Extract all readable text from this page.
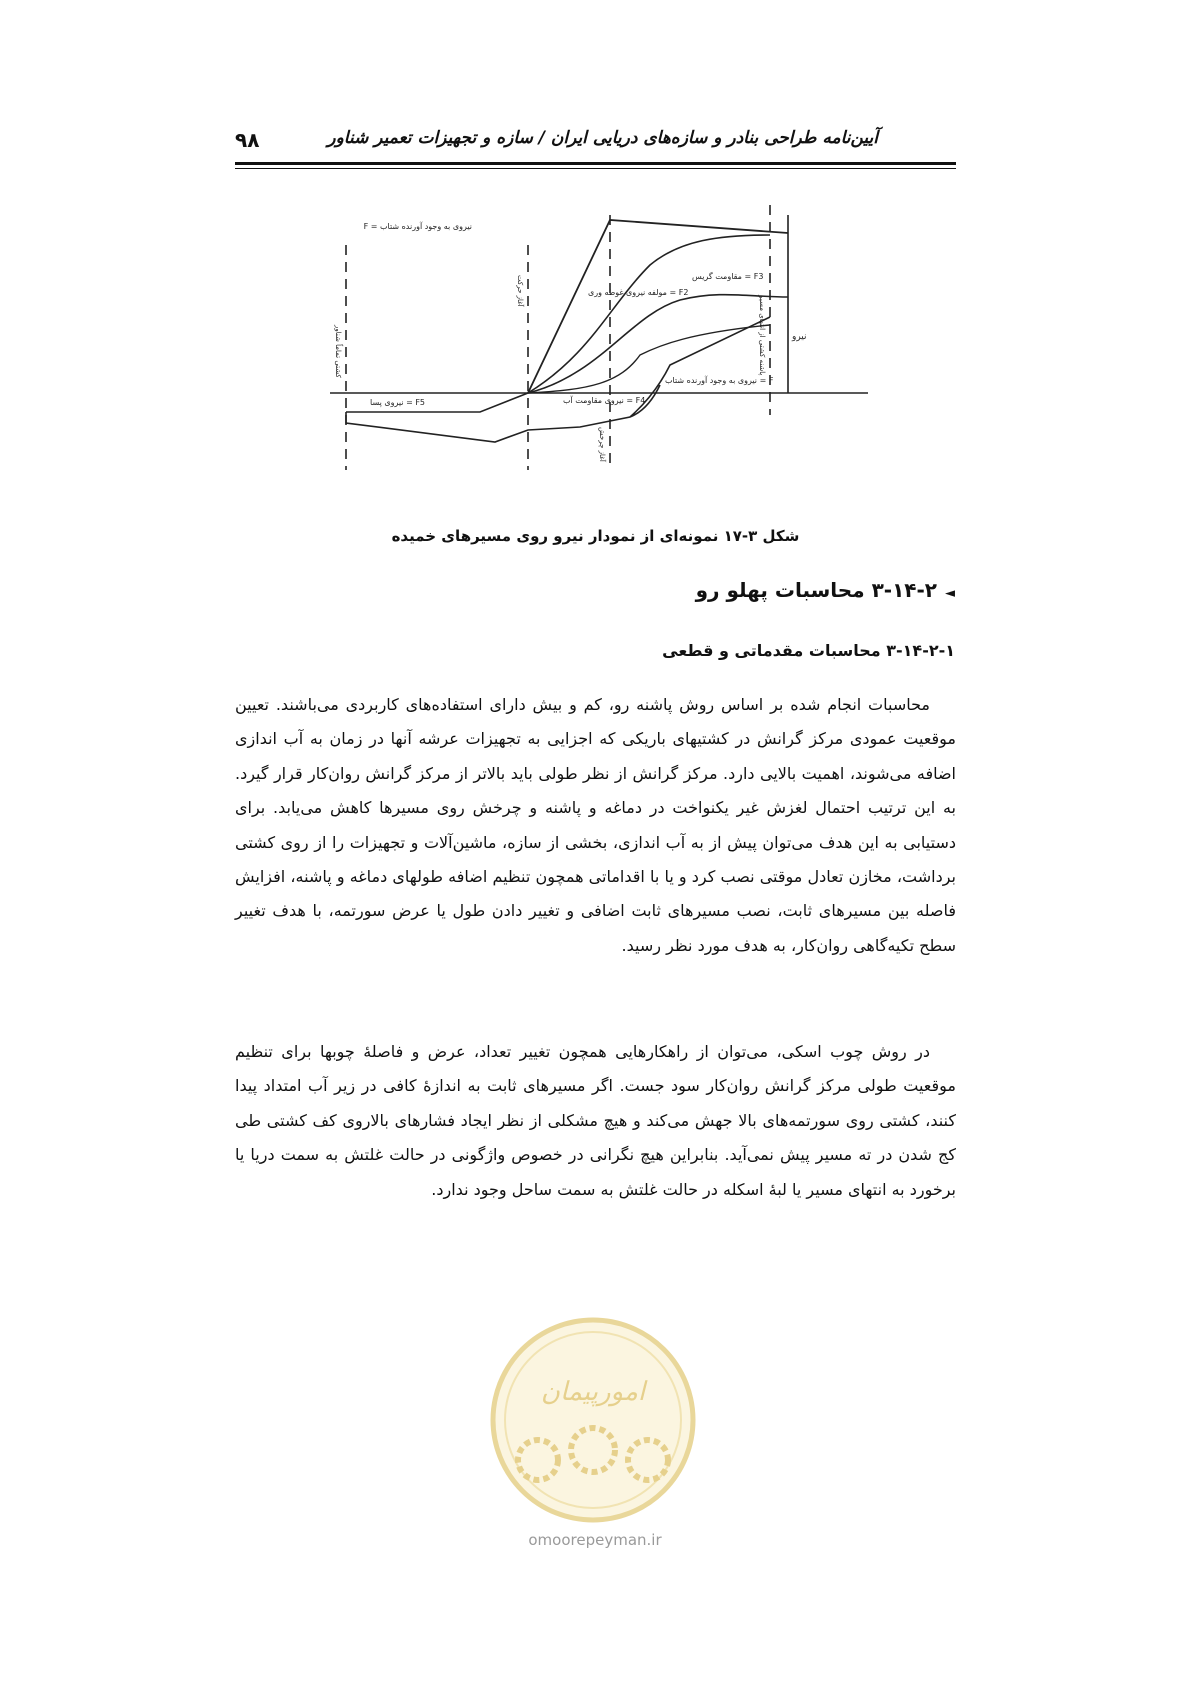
۹۸	آیین‌نامه طراحی بنادر و سازه‌های دریایی ایران / سازه و تجهیزات تعمیر شناور
نیروی به وجود آورنده شتاب = F
مقاومت گریس = F3
مولفه نیروی غوطه وری = F2
نیروی به وجود آورنده شتاب = F
نیروی پسا = F5	نیروی مقاومت آب = F4
نیرو
کشتی تماماً شناور
آغاز حرکت
آغاز چرخش
پاشنه کشتی از انتهای مسیر
شکل ۳-۱۷ نمونه‌ای از نمودار نیرو روی مسیرهای خمیده
◄۳-۱۴-۲ محاسبات پهلو رو
۳-۱۴-۲-۱ محاسبات مقدماتی و قطعی

محاسبات انجام شده بر اساس روش پاشنه رو، کم و بیش دارای استفاده‌های کاربردی می‌باشند. تعیین موقعیت عمودی مرکز گرانش در کشتیهای باریکی که اجزایی به تجهیزات عرشه آنها در زمان به آب اندازی اضافه می‌شوند، اهمیت بالایی دارد. مرکز گرانش از نظر طولی باید بالاتر از مرکز گرانش روان‌کار قرار گیرد. به این ترتیب احتمال لغزش غیر یکنواخت در دماغه و پاشنه و چرخش روی مسیرها کاهش می‌یابد. برای دستیابی به این هدف می‌توان پیش از به آب اندازی، بخشی از سازه، ماشین‌آلات و تجهیزات را از روی کشتی برداشت، مخازن تعادل موقتی نصب کرد و یا با اقداماتی همچون تنظیم اضافه طولهای دماغه و پاشنه، افزایش فاصله بین مسیرهای ثابت، نصب مسیرهای ثابت اضافی و تغییر دادن طول یا عرض سورتمه، با هدف تغییر سطح تکیه‌گاهی روان‌کار، به هدف مورد نظر رسید.

در روش چوب اسکی، می‌توان از راهکارهایی همچون تغییر تعداد، عرض و فاصلهٔ چوبها برای تنظیم موقعیت طولی مرکز گرانش روان‌کار سود جست. اگر مسیرهای ثابت به اندازهٔ کافی در زیر آب امتداد پیدا کنند، کشتی روی سورتمه‌های بالا جهش می‌کند و هیچ مشکلی از نظر ایجاد فشارهای بالاروی کف کشتی طی کج شدن در ته مسیر پیش نمی‌آید. بنابراین هیچ نگرانی در خصوص واژگونی در حالت غلتش به سمت دریا یا برخورد به انتهای مسیر یا لبهٔ اسکله در حالت غلتش به سمت ساحل وجود ندارد.

امورپیمان
omoorepeyman.ir
